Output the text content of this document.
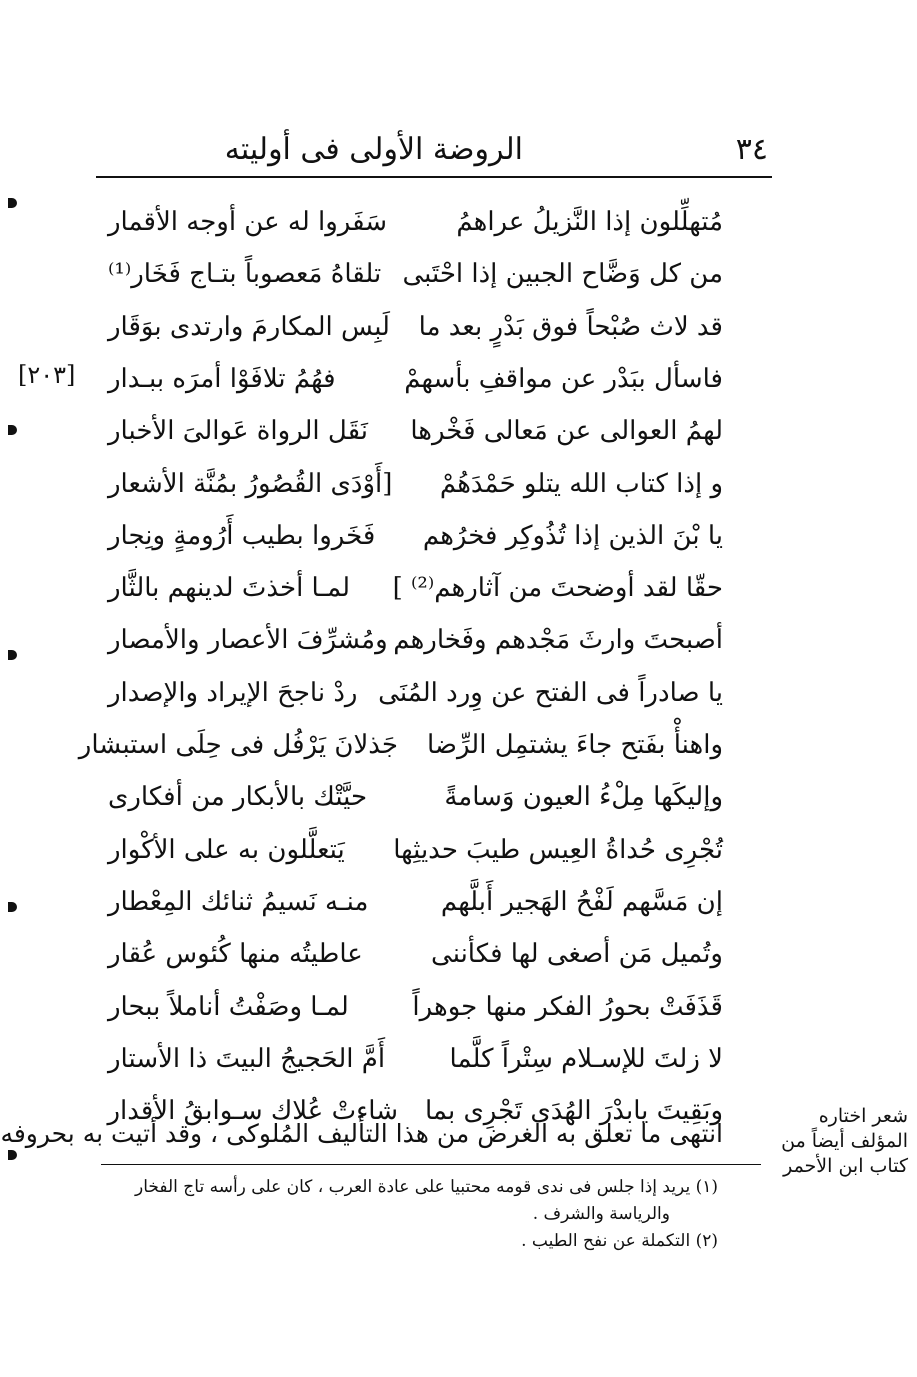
٣٤
الروضة الأولى فى أوليته
مُتهلِّلون إذا النَّزيلُ عراهمُ
سَفَروا له عن أوجه الأقمار
من كل وَضَّاح الجبين إذا احْتَبى
تلقاهُ مَعصوباً بتـاج فَخَار⁽¹⁾
قد لاث صُبْحاً فوق بَدْرٍ بعد ما
لَبِس المكارمَ وارتدى بوَقَار
فاسأل ببَدْر عن مواقفِ بأسهمْ
فهُمُ تلافَوْا أمرَه ببـدار
لهمُ العوالى عن مَعالى فَخْرها
نَقَل الرواة عَوالىَ الأخبار
و إذا كتاب الله يتلو حَمْدَهُمْ
[أَوْدَى القُصُورُ بمُنَّة الأشعار
يا بْنَ الذين إذا تُذُوكِر فخرُهم
فَخَروا بطيب أَرُومةٍ ونِجار
حقّا لقد أوضحتَ من آثارهم⁽²⁾ ]
لمـا أخذتَ لدينهم بالثَّار
أصبحتَ وارثَ مَجْدهم وفَخارهم
ومُشرِّفَ الأعصار والأمصار
يا صادراً فى الفتح عن وِرد المُنَى
ردْ ناجحَ الإيراد والإصدار
واهنأْ بفَتح جاءَ يشتمِل الرِّضا
جَذلانَ يَرْفُل فى حِلَى استبشار
وإليكَها مِلْءُ العيون وَسامةً
حيَّتْك بالأبكار من أفكارى
تُجْرِى حُداةُ العِيس طيبَ حديثِها
يَتعلَّلون به على الأكْوار
إن مَسَّهم لَفْحُ الهَجير أَبلَّهم
منـه نَسيمُ ثنائك المِعْطار
وتُميل مَن أصغى لها فكأننى
عاطيتُه منها كُئوس عُقار
قَذَفَتْ بحورُ الفكر منها جوهراً
لمـا وصَفْتُ أناملاً ببحار
لا زلتَ للإسـلام سِتْراً كلَّما
أَمَّ الحَجيجُ البيتَ ذا الأستار
وبَقِيتَ يابدْرَ الهُدَى تَجْرِى بما
شاءتْ عُلاك سـوابقُ الأقدار
[٢٠٣]
انتهى ما تعلق به الغرض من هذا التأليف المُلوكى ، وقد أتيت به بحروفه
شعر اختاره
المؤلف أيضاً من
كتاب ابن الأحمر
(١) يريد إذا جلس فى ندى قومه محتبيا على عادة العرب ، كان على رأسه تاج الفخار
والرياسة والشرف .
(٢) التكملة عن نفح الطيب .
